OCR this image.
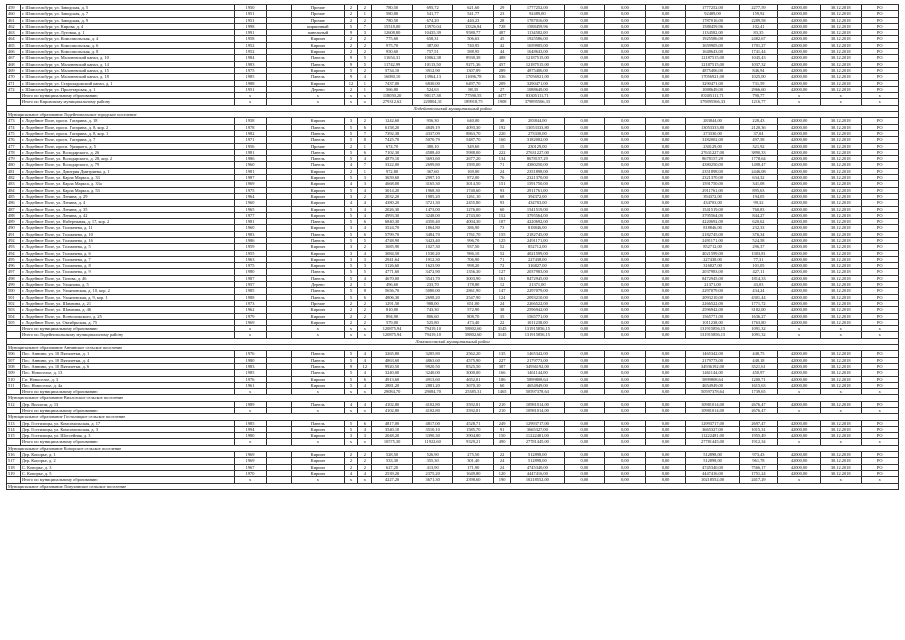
459	г. Шлиссельбург, ул. Заводская, д. 5	1950		Прочие	2	2	780,50	695,72	621,60	29	1777252,00	0,00	0,00	0,00	1777252,00	2277,59	42000,00	30.12.2018	РО
460	г. Шлиссельбург, ул. Заводская, д. 7	1951		Прочие	2	1	580,80	541,77	541,77	23	92489,00	0,00	0,00	0,00	92489,00	159,92	42000,00	30.12.2018	РО
461	г. Шлиссельбург, ул. Заводская, д. 9	1951		Прочие	2	2	780,50	674,20	440,23	28	1787016,00	0,00	0,00	0,00	1787016,00	2289,58	42000,00	30.12.2018	РО
462	г. Шлиссельбург, ул. Кирова, д. 4	1998		кирпичный	5	7	15518,00	13970,04	13326,84	728	1588459,96	0,00	0,00	0,00	1588459,96	102,41	42000,00	30.12.2018	РО
463	г. Шлиссельбург, ул. Луговая, д. 1	1991		панельный	9	3	12608,80	10435,39	9580,77	487	1134582,00	0,00	0,00	0,00	1134582,00	83,35	42000,00	30.12.2018	РО
464	г. Шлиссельбург, ул. Комсомольская, д. 4	1958		Кирпич	2	2	775,60	658,31	506,63	45	1925586,00	0,00	0,00	0,00	1925586,00	2482,67	42000,00	30.12.2018	РО
465	г. Шлиссельбург, ул. Комсомольская, д. 6	1952		Кирпич	2	2	975,70	387,00	740,95	42	1659905,00	0,00	0,00	0,00	1659905,00	1701,27	42000,00	30.12.2018	РО
466	г. Шлиссельбург, ул. Комсомольская, д. 8	1952		Кирпич	2	2	950,60	757,51	588,95	44	1648643,00	0,00	0,00	0,00	1648643,00	1741,44	42000,00	30.12.2018	РО
467	г. Шлиссельбург, ул. Малоневский канал, д. 10	1984		Панель	9	5	11654,31	10062,38	8930,38	488	12187515,00	0,00	0,00	0,00	12187515,00	1045,43	42000,00	30.12.2018	РО
468	г. Шлиссельбург, ул. Малоневский канал, д. 14	1983		Панель	9	5	11742,99	10113,50	9271,36	457	12187515,00	0,00	0,00	0,00	12187515,00	1037,32	42000,00	30.12.2018	РО
469	г. Шлиссельбург, ул. Малоневский канал, д. 15	1975		Кирпич	5	2	5734,10	3912,90	1307,89	289	4875406,00	0,00	0,00	0,00	4875406,00	846,94	42000,00	30.12.2018	РО
470	г. Шлиссельбург, ул. Малоневский канал, д. 18	1985		Панель	9	4	16080,10	13964,13	11696,78	536	17056921,00	0,00	0,00	0,00	17056921,00	1025,00	42000,00	30.12.2018	РО
471	г. Шлиссельбург, ул. Староладожский канал, д. 1	1988		Кирпич	12	1	7437,00	6830,00	6497,70	209	3290471,00	0,00	0,00	0,00	3290471,00	731,59	42000,00	30.12.2018	РО
472	г. Шлиссельбург, ул. Пролетарская, д. 1	1951		Дерево	2	1	566,80	524,63	88,35	27	1088649,00	0,00	0,00	0,00	1088649,00	2966,60	42000,00	30.12.2018	РО
	Итого по муниципальному образованию	x		x	x	x	118050,20	90117,38	77590,55	4477	83305111,71	0,00	0,00	0,00	83305111,71	790,77	x	x	x
	Итого по Кировскому муниципальному району	x		x	x	x	279312,62	220804,31	189918,75	1908	379895566,33	0,00	0,00	0,00	379895566,33	1216,77	x	x	x
Лодейнопольский муниципальный район																			
Муниципальное образование Лодейнопольское городское поселение																			
473	г. Лодейное Поле, просп. Гагарина, д. 18	1958		Кирпич	3	2	1242,60	956,30	640,00	38	283844,00	0,00	0,00	0,00	283844,00	228,43	42000,00	30.12.2018	РО
474	г. Лодейное Поле, просп. Гагарина, д. 8, кор. 2	1978		Панель	5	6	6158,20	4849,19	4093,30	192	13053333,80	0,00	0,00	0,00	13053333,80	2120,36	42000,00	30.12.2018	РО
475	г. Лодейное Поле, просп. Гагарина, д. 8, кор. 1	1982		Панель	5	7	7392,30	4337,09	8863,70	220	273330,00	0,00	0,00	0,00	273330,00	37,04	42000,00	30.12.2018	РО
476	г. Лодейное Поле, просп. Гагарина, д. 7	1971		Панель	5	8	7425,70	5070,79	5487,70	160	3182002,00	0,00	0,00	0,00	3182002,00	497,58	42000,00	30.12.2018	РО
477	г. Лодейное Поле, просп. Урицкого, д. 5	1956		Прочие	2	1	674,70	380,10	349,60	15	230129,00	0,00	0,00	0,00	230129,00	321,92	42000,00	30.12.2018	РО
478	г. Лодейное Поле, ул. Володарского, д. 26	1981		Панель	5	6	7102,30	4588,40	5988,00	222	27631227,00	0,00	0,00	0,00	27631227,00	3890,33	42000,00	30.12.2018	РО
479	г. Лодейное Поле, ул. Володарского, д. 28, кор. 2	1986		Панель	5	4	4879,10	3693,60	2677,20	134	8678157,29	0,00	0,00	0,00	8678157,29	1778,64	42000,00	30.12.2018	РО
480	г. Лодейное Поле, ул. Володарского, д. 79	1960		Панель	4	7	3322,00	2699,80	1595,00	71	4380250,00	0,00	0,00	0,00	4380250,00	1498,47	42000,00	30.12.2018	РО
481	г. Лодейное Поле, ул. Дмитрия Дмитриева, д. 1	1981		Кирпич	2	1	972,80	367,60	169,00	24	2351898,00	0,00	0,00	0,00	2351898,00	2446,08	42000,00	30.12.2018	РО
482	г. Лодейное Поле, ул. Карла Маркса, д. 33	1987		Кирпич	5	3	3659,60	2997,10	872,00	76	2321370,00	0,00	0,00	0,00	2321370,00	634,32	42000,00	30.12.2018	РО
483	г. Лодейное Поле, ул. Карла Маркса, д. 33а	1969		Кирпич	4	3	4668,00	3165,30	3014,50	151	1591750,00	0,00	0,00	0,00	1591750,00	341,08	42000,00	30.12.2018	РО
484	г. Лодейное Поле, ул. Карла Маркса, д. 53	1975		Кирпич	5	4	3014,20	1968,30	1740,60	93	2911761,00	0,00	0,00	0,00	2911761,00	895,63	42000,00	30.12.2018	РО
485	г. Лодейное Поле, ул. Ленина, д. 29	1964		Кирпич	3	2	2032,20	1985,20	1261,10	68	394372,00	0,00	0,00	0,00	394372,00	194,05	42000,00	30.12.2018	РО
486	г. Лодейное Поле, ул. Ленина, д. 4	1960		Кирпич	4	4	4380,20	3721,30	2455,80	93	434703,00	0,00	0,00	0,00	434703,00	99,32	42000,00	30.12.2018	РО
487	г. Лодейное Поле, ул. Ленина, д. 35	1965		Кирпич	5	4	2026,30	1473,00	1276,00	60	1541519,00	0,00	0,00	0,00	1541519,00	760,83	42000,00	30.12.2018	РО
488	г. Лодейное Поле, ул. Ленина, д. 42	1977		Кирпич	5	4	4993,30	3248,00	2743,00	152	3795564,00	0,00	0,00	0,00	3795564,00	844,27	42000,00	30.12.2018	РО
489	г. Лодейное Поле, ул. Набережная, д. 17, кор. 2	1981		Панель	5	6	6840,30	4350,40	4004,30	107	4220692,00	0,00	0,00	0,00	4220692,00	620,62	42000,00	30.12.2018	РО
490	г. Лодейное Поле, ул. Толмачева, д. 11	1960		Кирпич	3	4	3524,70	1864,80	386,90	73	818846,00	0,00	0,00	0,00	818846,00	232,33	42000,00	30.12.2018	РО
491	г. Лодейное Поле, ул. Толмачева, д. 10	1983		Панель	5	6	5799,70	3484,70	1761,70	155	2182745,00	0,00	0,00	0,00	2182745,00	376,34	42000,00	30.12.2018	РО
492	г. Лодейное Поле, ул. Толмачева, д. 16	1986		Панель	5	5	4748,90	3423,40	996,70	125	2491171,00	0,00	0,00	0,00	2491171,00	524,58	42000,00	30.12.2018	РО
493	г. Лодейное Поле, ул. Толмачева, д. 5	1959		Кирпич	3	2	1685,90	1027,30	937,50	52	852712,00	0,00	0,00	0,00	852712,00	296,37	42000,00	30.12.2018	РО
494	г. Лодейное Поле, ул. Толмачева, д. 6	1955		Кирпич	3	4	3084,50	1530,20	986,10	52	4021599,00	0,00	0,00	0,00	4021599,00	1303,81	42000,00	30.12.2018	РО
495	г. Лодейное Поле, ул. Толмачева, д. 7	1963		Кирпич	3	3	2941,64	1912,30	706,90	71	227438,00	0,00	0,00	0,00	227438,00	77,31	42000,00	30.12.2018	РО
496	г. Лодейное Поле, ул. Толмачева, д. 8	1975		Кирпич	5	3	3126,60	1623,90	998,20	72	316827,00	0,00	0,00	0,00	316827,00	101,05	42000,00	30.12.2018	РО
497	г. Лодейное Поле, ул. Толмачева, д. 9	1980		Панель	5	5	4771,60	3472,90	1356,30	127	2037983,00	0,00	0,00	0,00	2037983,00	427,11	42000,00	30.12.2018	РО
498	г. Лодейное Поле, ул. Титова, д. 46	1987		Панель	5	4	4670,00	3541,70	3003,90	161	8472945,00	0,00	0,00	0,00	8472945,00	1814,33	42000,00	30.12.2018	РО
499	г. Лодейное Поле, ул. Ульянова, д. 5	1957		Дерево	2	1	496,60	233,70	178,80	12	21371,00	0,00	0,00	0,00	21371,00	43,03	42000,00	30.12.2018	РО
500	г. Лодейное Поле, ул. Ульяновская, д. 10, кор. 2	1985		Панель	5	8	5656,70	5080,00	2861,90	147	2297079,00	0,00	0,00	0,00	2297079,00	434,24	42000,00	30.12.2018	РО
501	г. Лодейное Поле, ул. Ульяновская, д. 9, кор. 1	1988		Панель	5	6	4806,30	2698,20	2547,90	124	2093210,00	0,00	0,00	0,00	2093210,00	4301,44	42000,00	30.12.2018	РО
502	г. Лодейное Поле, ул. Шамзина, д. 21	1973		Прочие	2	2	1291,50	988,00	651,00	24	2266522,00	0,00	0,00	0,00	2266522,00	1771,72	42000,00	30.12.2018	РО
503	г. Лодейное Поле, ул. Шамзина, д. 46	1962		Кирпич	2	2	810,00	743,30	572,90	38	2596942,00	0,00	0,00	0,00	2596942,00	3182,00	42000,00	30.12.2018	РО
504	г. Лодейное Поле, ул. Всеволожского, д. 25	1979		Кирпич	2	2	894,90	806,60	808,70	35	1565771,00	0,00	0,00	0,00	1565771,00	1636,27	42000,00	30.12.2018	РО
505	г. Лодейное Поле, ул. Октябрьская, д. 75	1969		Кирпич	2	2	579,00	525,80	473,40	22	1011238,00	0,00	0,00	0,00	1011238,00	1763,80	42000,00	30.12.2018	РО
	Итого по муниципальному образованию	x		x	x	x	120875,94	79419,10	58802,60	3145	131915856,15	0,00	0,00	0,00	131915856,15	1091,32	x	x	x
	Итого по Лодейнопольскому муниципальному району	x		x	x	x	120875,94	79419,10	58802,60	3145	131915856,15	0,00	0,00	0,00	131915856,15	1091,32	x	x	x
Ломоносовский муниципальный район																			
Муниципальное образование Аннинское сельское поселение																			
506	Пос. Аннино, ул. 10 Пятилетки, д. 1	1976		Панель	5	4	3265,80	3285,80	2562,20	135	1465342,00	0,00	0,00	0,00	1465342,00	448,75	42000,00	30.12.2018	РО
507	Пос. Аннино, ул. 10 Пятилетки, д. 4	1980		Панель	5	4	4863,60	4863,60	4575,90	227	2179773,00	0,00	0,00	0,00	2179773,00	448,18	42000,00	30.12.2018	РО
508	Пос. Аннино, ул. 10 Пятилетки, д. 6	1983		Панель	9	12	9920,50	9920,50	8525,50	387	34936192,00	0,00	0,00	0,00	34936192,00	3521,61	42000,00	30.12.2018	РО
509	Пос. Новоселье, д. 13	1985		Панель	5	4	3240,00	3240,00	3000,00	166	1461144,00	0,00	0,00	0,00	1461144,00	450,97	42000,00	30.12.2018	РО
510	Г.п. Новоселье, д. 3	1976		Кирпич	5	6	4913,60	4913,60	4652,01	186	5899808,64	0,00	0,00	0,00	5899808,64	1200,71	42000,00	30.12.2018	РО
511	Пос. Новоселье, д. 4а	1961		Кирпич	5	4	2881,20	2881,20	3670,10	60	4654949,00	0,00	0,00	0,00	4654949,00	1615,63	42000,00	30.12.2018	РО
	Итого по муниципальному образованию	x		x	x	x	29084,70	29084,70	25385,31	1465	50597378,64	0,00	0,00	0,00	50597378,64	1739,65	x	x	x
Муниципальное образование Виллозское сельское поселение																			
512	Дер. Виллози, д. 13	1989		Панель	4	4	4102,80	4102,80	3592,81	210	10981014,00	0,00	0,00	0,00	10981014,00	2676,47	42000,00	30.12.2018	РО
	Итого по муниципальному образованию	x		x	x	x	4102,80	4102,80	3592,81	210	10981014,00	0,00	0,00	0,00	10981014,00	2676,47	x	x	x
Муниципальное образование Гостилицкое сельское поселение																			
513	Дер. Гостилицы, ул. Комсомольская, д. 17	1985		Панель	5	6	4817,00	4817,00	4528,71	249	12993717,00	0,00	0,00	0,00	12993717,00	2697,47	42000,00	30.12.2018	РО
514	Дер. Гостилицы, ул. Комсомольская, д. 3	1994		Кирпич	5	4	3540,10	3510,10	1585,70	91	3665327,00	0,00	0,00	0,00	3665327,00	1015,31	42000,00	30.12.2018	РО
515	Дер. Гостилицы, ул. Шоссейная, д. 3	1980		Кирпич	3	3	2048,20	3390,30	3904,80	150	11222481,00	0,00	0,00	0,00	11222481,00	1955,49	42000,00	30.12.2018	РО
	Итого по муниципальному образованию	x		x	x	x	10575,30	11922,60	9329,21	490	27781445,00	0,00	0,00	0,00	27781445,00	1912,34	x	x	x
Муниципальное образование Копорское сельское поселение																			
516	Дер. Копорье, д. 1	1969		Кирпич	2	2	528,50	526,90	275,50	22	512898,00	0,00	0,00	0,00	512898,00	973,43	42000,00	30.12.2018	РО
517	Дер. Копорье, д. 2	1969		Кирпич	2	2	533,30	355,30	301,40	24	512898,00	0,00	0,00	0,00	512898,00	961,78	42000,00	30.12.2018	РО
518	С. Копорье, д. 3	1967		Кирпич	2	2	627,20	413,90	171,90	24	4745340,00	0,00	0,00	0,00	4745340,00	7566,17	42000,00	30.12.2018	РО
519	С. Копорье, д. 5	1970		Кирпич	4	4	2539,20	2375,20	1649,80	120	4447416,00	0,00	0,00	0,00	4447416,00	1751,24	42000,00	30.12.2018	РО
	Итого по муниципальному образованию	x		x	x	x	4227,20	3671,30	2398,60	190	10218552,00	0,00	0,00	0,00	10218552,00	2417,29	x	x	x
Муниципальное образование Лопухинское сельское поселение																			
